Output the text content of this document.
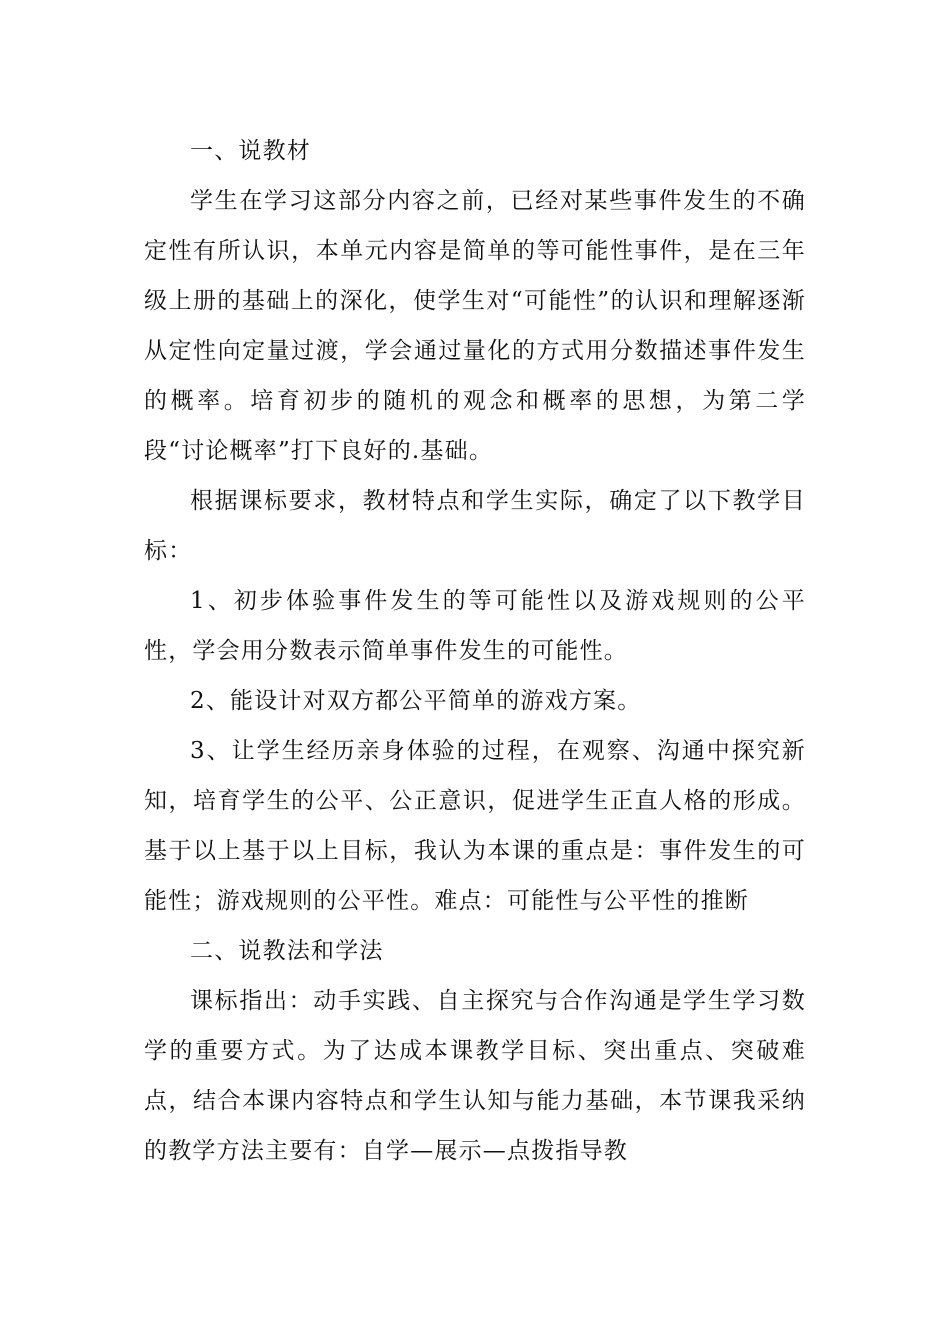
一、说教材

学生在学习这部分内容之前，已经对某些事件发生的不确定性有所认识，本单元内容是简单的等可能性事件，是在三年级上册的基础上的深化，使学生对“可能性”的认识和理解逐渐从定性向定量过渡，学会通过量化的方式用分数描述事件发生的概率。培育初步的随机的观念和概率的思想，为第二学段“讨论概率”打下良好的.基础。

根据课标要求，教材特点和学生实际，确定了以下教学目标：

1、初步体验事件发生的等可能性以及游戏规则的公平性，学会用分数表示简单事件发生的可能性。

2、能设计对双方都公平简单的游戏方案。

3、让学生经历亲身体验的过程，在观察、沟通中探究新知，培育学生的公平、公正意识，促进学生正直人格的形成。基于以上基于以上目标，我认为本课的重点是：事件发生的可能性；游戏规则的公平性。难点：可能性与公平性的推断

二、说教法和学法

课标指出：动手实践、自主探究与合作沟通是学生学习数学的重要方式。为了达成本课教学目标、突出重点、突破难点，结合本课内容特点和学生认知与能力基础，本节课我采纳的教学方法主要有：自学—展示—点拨指导教
